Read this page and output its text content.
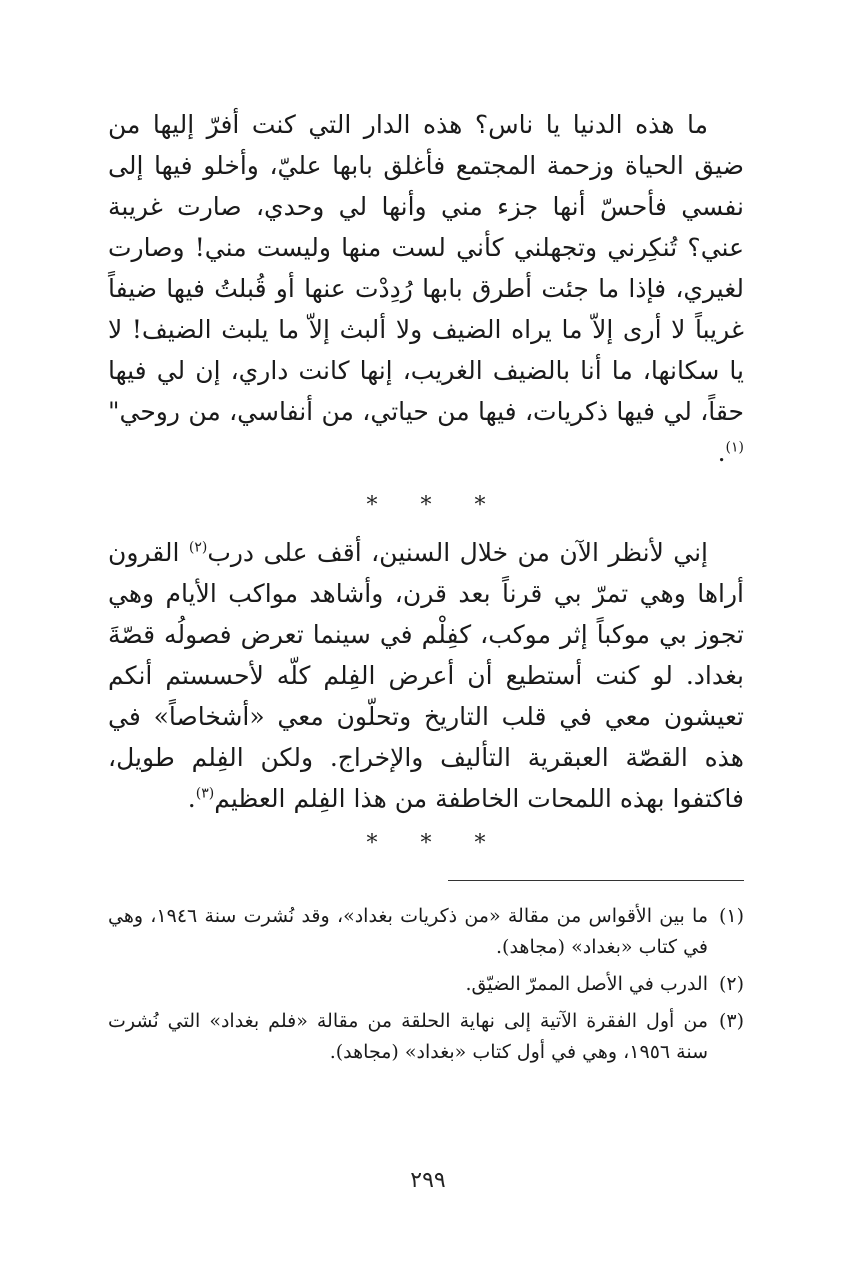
ما هذه الدنيا يا ناس؟ هذه الدار التي كنت أفرّ إليها من ضيق الحياة وزحمة المجتمع فأغلق بابها عليّ، وأخلو فيها إلى نفسي فأحسّ أنها جزء مني وأنها لي وحدي، صارت غريبة عني؟ تُنكِرني وتجهلني كأني لست منها وليست مني! وصارت لغيري، فإذا ما جئت أطرق بابها رُدِدْت عنها أو قُبلتُ فيها ضيفاً غريباً لا أرى إلاّ ما يراه الضيف ولا ألبث إلاّ ما يلبث الضيف! لا يا سكانها، ما أنا بالضيف الغريب، إنها كانت داري، إن لي فيها حقاً، لي فيها ذكريات، فيها من حياتي، من أنفاسي، من روحي"$^{(١)}$.

* * *

إني لأنظر الآن من خلال السنين، أقف على درب$^{(٢)}$ القرون أراها وهي تمرّ بي قرناً بعد قرن، وأشاهد مواكب الأيام وهي تجوز بي موكباً إثر موكب، كفِلْم في سينما تعرض فصولُه قصّةَ بغداد. لو كنت أستطيع أن أعرض الفِلم كلّه لأحسستم أنكم تعيشون معي في قلب التاريخ وتحلّون معي «أشخاصاً» في هذه القصّة العبقرية التأليف والإخراج. ولكن الفِلم طويل، فاكتفوا بهذه اللمحات الخاطفة من هذا الفِلم العظيم$^{(٣)}$.

* * *

(١)ما بين الأقواس من مقالة «من ذكريات بغداد»، وقد نُشرت سنة ١٩٤٦، وهي في كتاب «بغداد» (مجاهد).

(٢)الدرب في الأصل الممرّ الضيّق.

(٣)من أول الفقرة الآتية إلى نهاية الحلقة من مقالة «فلم بغداد» التي نُشرت سنة ١٩٥٦، وهي في أول كتاب «بغداد» (مجاهد).

٢٩٩
